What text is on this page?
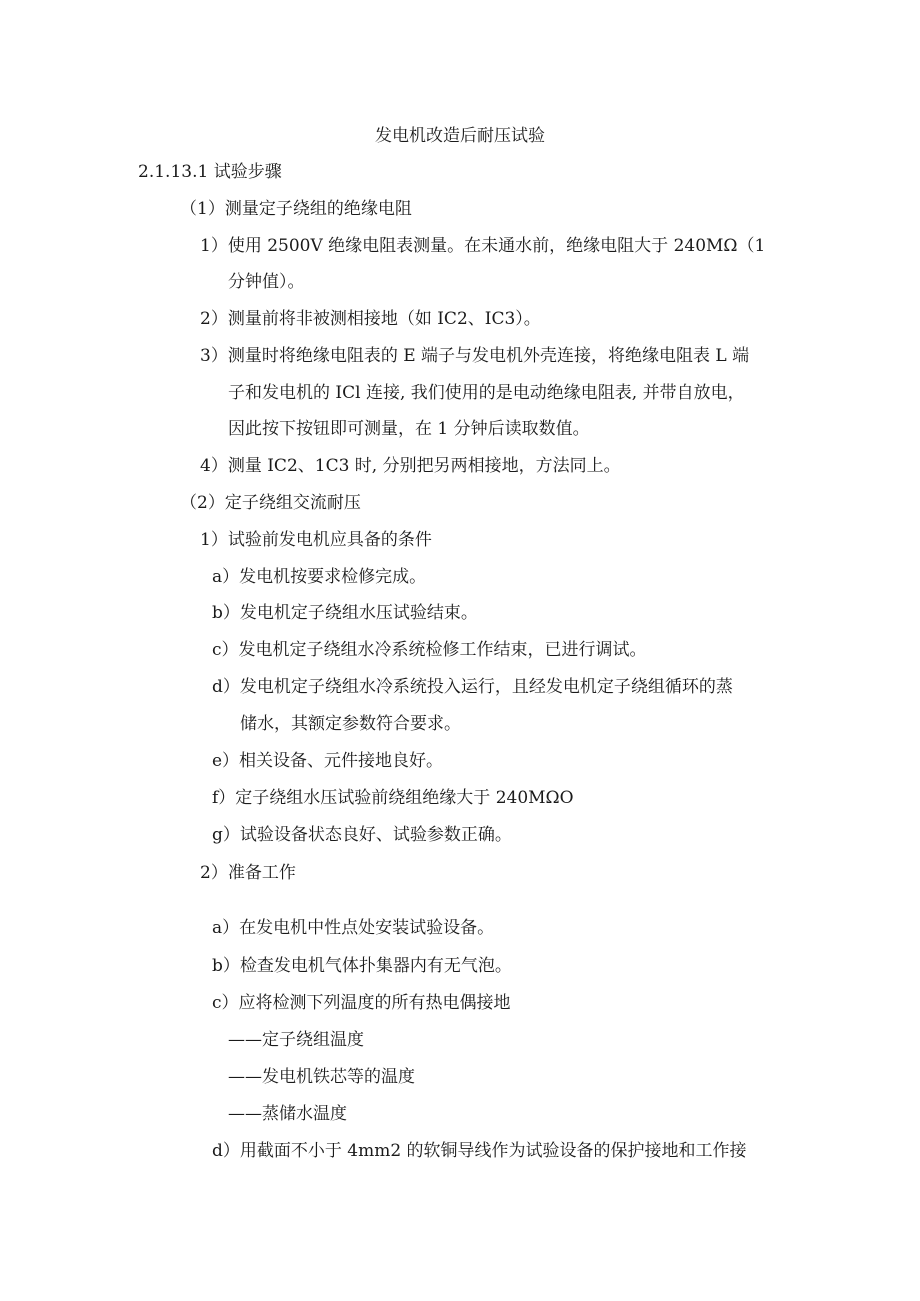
发电机改造后耐压试验
2.1.13.1 试验步骤
（1）测量定子绕组的绝缘电阻
1）使用 2500V 绝缘电阻表测量。在未通水前，绝缘电阻大于 240MΩ（1
分钟值）。
2）测量前将非被测相接地（如 IC2、IC3）。
3）测量时将绝缘电阻表的 E 端子与发电机外壳连接，将绝缘电阻表 L 端
子和发电机的 ICl 连接, 我们使用的是电动绝缘电阻表, 并带自放电，
因此按下按钮即可测量，在 1 分钟后读取数值。
4）测量 IC2、1C3 时, 分别把另两相接地，方法同上。
（2）定子绕组交流耐压
1）试验前发电机应具备的条件
a）发电机按要求检修完成。
b）发电机定子绕组水压试验结束。
c）发电机定子绕组水冷系统检修工作结束，已进行调试。
d）发电机定子绕组水冷系统投入运行，且经发电机定子绕组循环的蒸
储水，其额定参数符合要求。
e）相关设备、元件接地良好。
f）定子绕组水压试验前绕组绝缘大于 240MΩO
g）试验设备状态良好、试验参数正确。
2）准备工作
a）在发电机中性点处安装试验设备。
b）检查发电机气体扑集器内有无气泡。
c）应将检测下列温度的所有热电偶接地
——定子绕组温度
——发电机铁芯等的温度
——蒸储水温度
d）用截面不小于 4mm2 的软铜导线作为试验设备的保护接地和工作接
